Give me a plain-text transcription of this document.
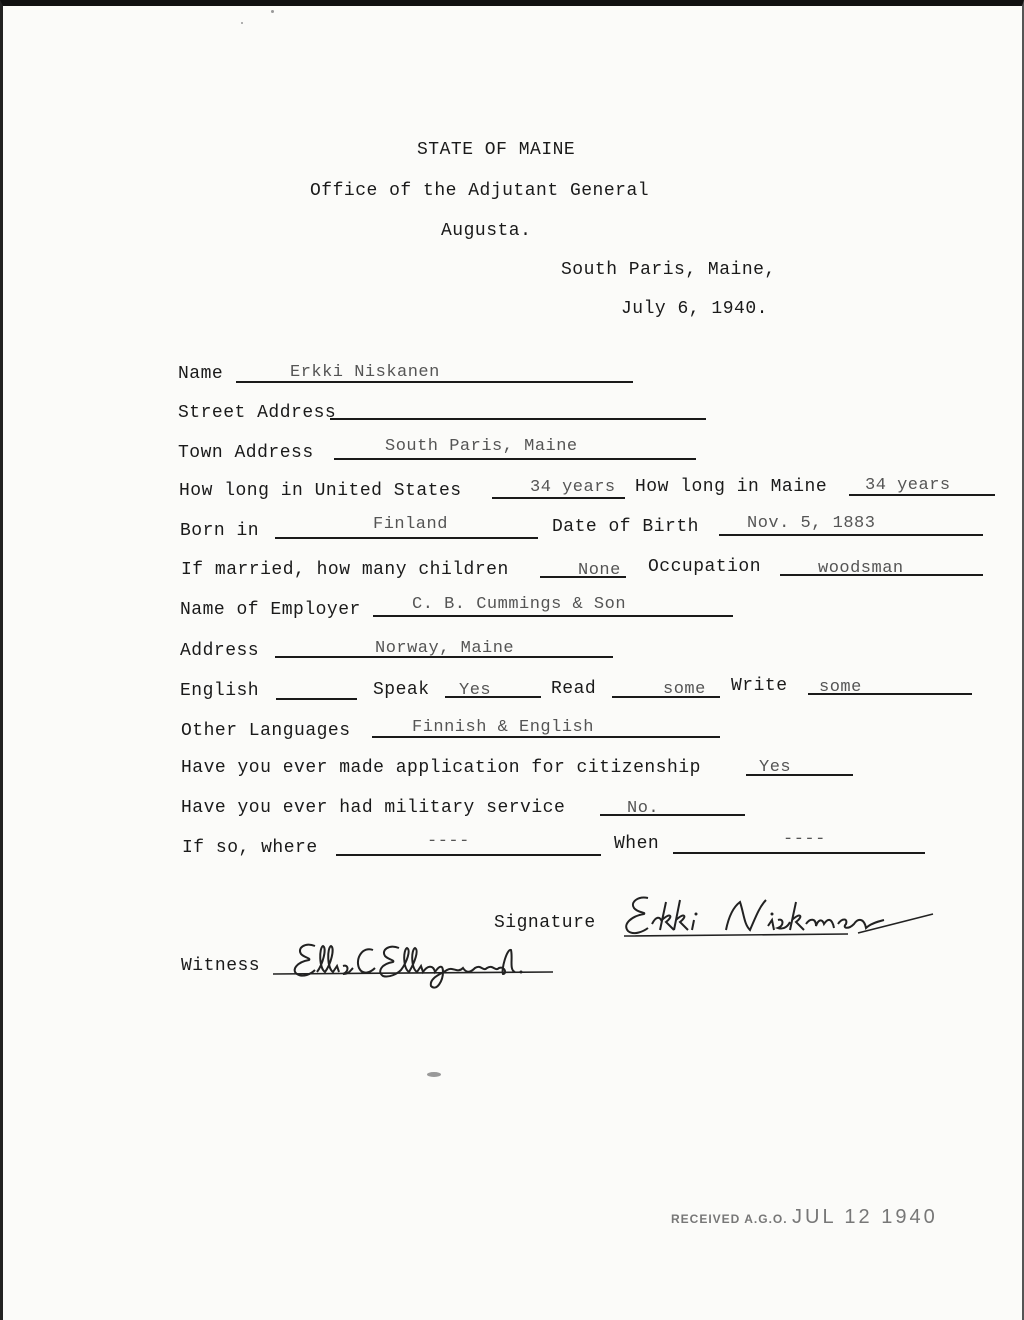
STATE OF MAINE
Office of the Adjutant General
Augusta.
South Paris, Maine,
July 6, 1940.
Name	Erkki Niskanen
Street Address
Town Address	South Paris, Maine
How long in United States	34 years How long in Maine 34 years
Born in	Finland	Date of Birth	Nov. 5, 1883
If married, how many children	None Occupation	woodsman
Name of Employer	C. B. Cummings & Son
Address	Norway, Maine
English	Speak Yes	Read	some Write some
Other Languages	Finnish & English
Have you ever made application for citizenship	Yes
Have you ever had military service	No.
If so, where	----	When	----
Signature
Erkki Niskanen
Witness
Ellis C Ellingwood.
RECEIVED A.G.O. JUL 12 1940
